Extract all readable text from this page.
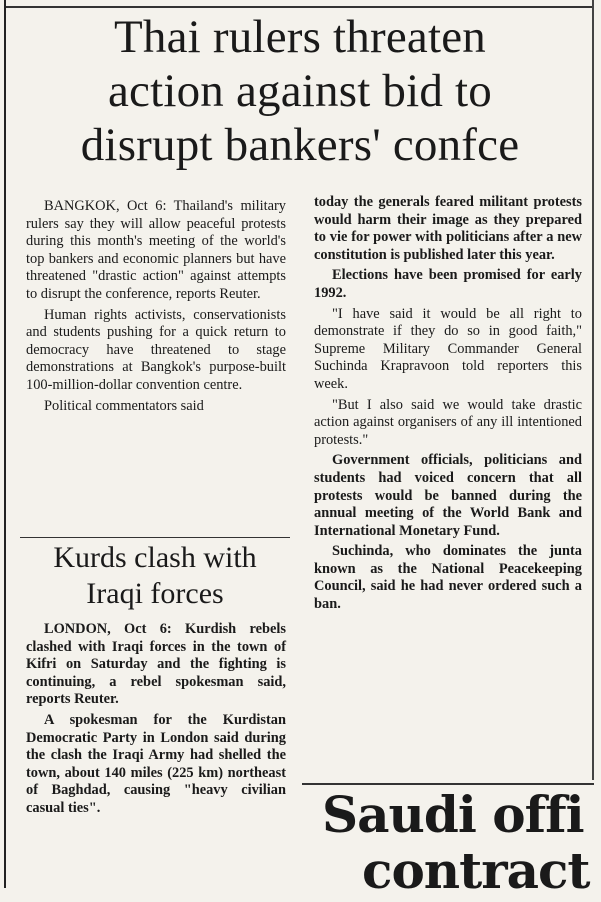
Thai rulers threaten
action against bid to
disrupt bankers' confce

BANGKOK, Oct 6: Thailand's military rulers say they will allow peaceful protests during this month's meeting of the world's top bankers and economic planners but have threatened "drastic action" against attempts to disrupt the conference, reports Reuter.

Human rights activists, conservationists and students pushing for a quick return to democracy have threatened to stage demonstrations at Bangkok's purpose-built 100-million-dollar convention centre.

Political commentators said

today the generals feared militant protests would harm their image as they prepared to vie for power with politicians after a new constitution is published later this year.

Elections have been promised for early 1992.

"I have said it would be all right to demonstrate if they do so in good faith," Supreme Military Commander General Suchinda Krapravoon told reporters this week.

"But I also said we would take drastic action against organisers of any ill intentioned protests."

Government officials, politicians and students had voiced concern that all protests would be banned during the annual meeting of the World Bank and International Monetary Fund.

Suchinda, who dominates the junta known as the National Peacekeeping Council, said he had never ordered such a ban.

Kurds clash with
Iraqi forces

LONDON, Oct 6: Kurdish rebels clashed with Iraqi forces in the town of Kifri on Saturday and the fighting is continuing, a rebel spokesman said, reports Reuter.

A spokesman for the Kurdistan Democratic Party in London said during the clash the Iraqi Army had shelled the town, about 140 miles (225 km) northeast of Baghdad, causing "heavy civilian casual ties".	Saudi offi
contract
